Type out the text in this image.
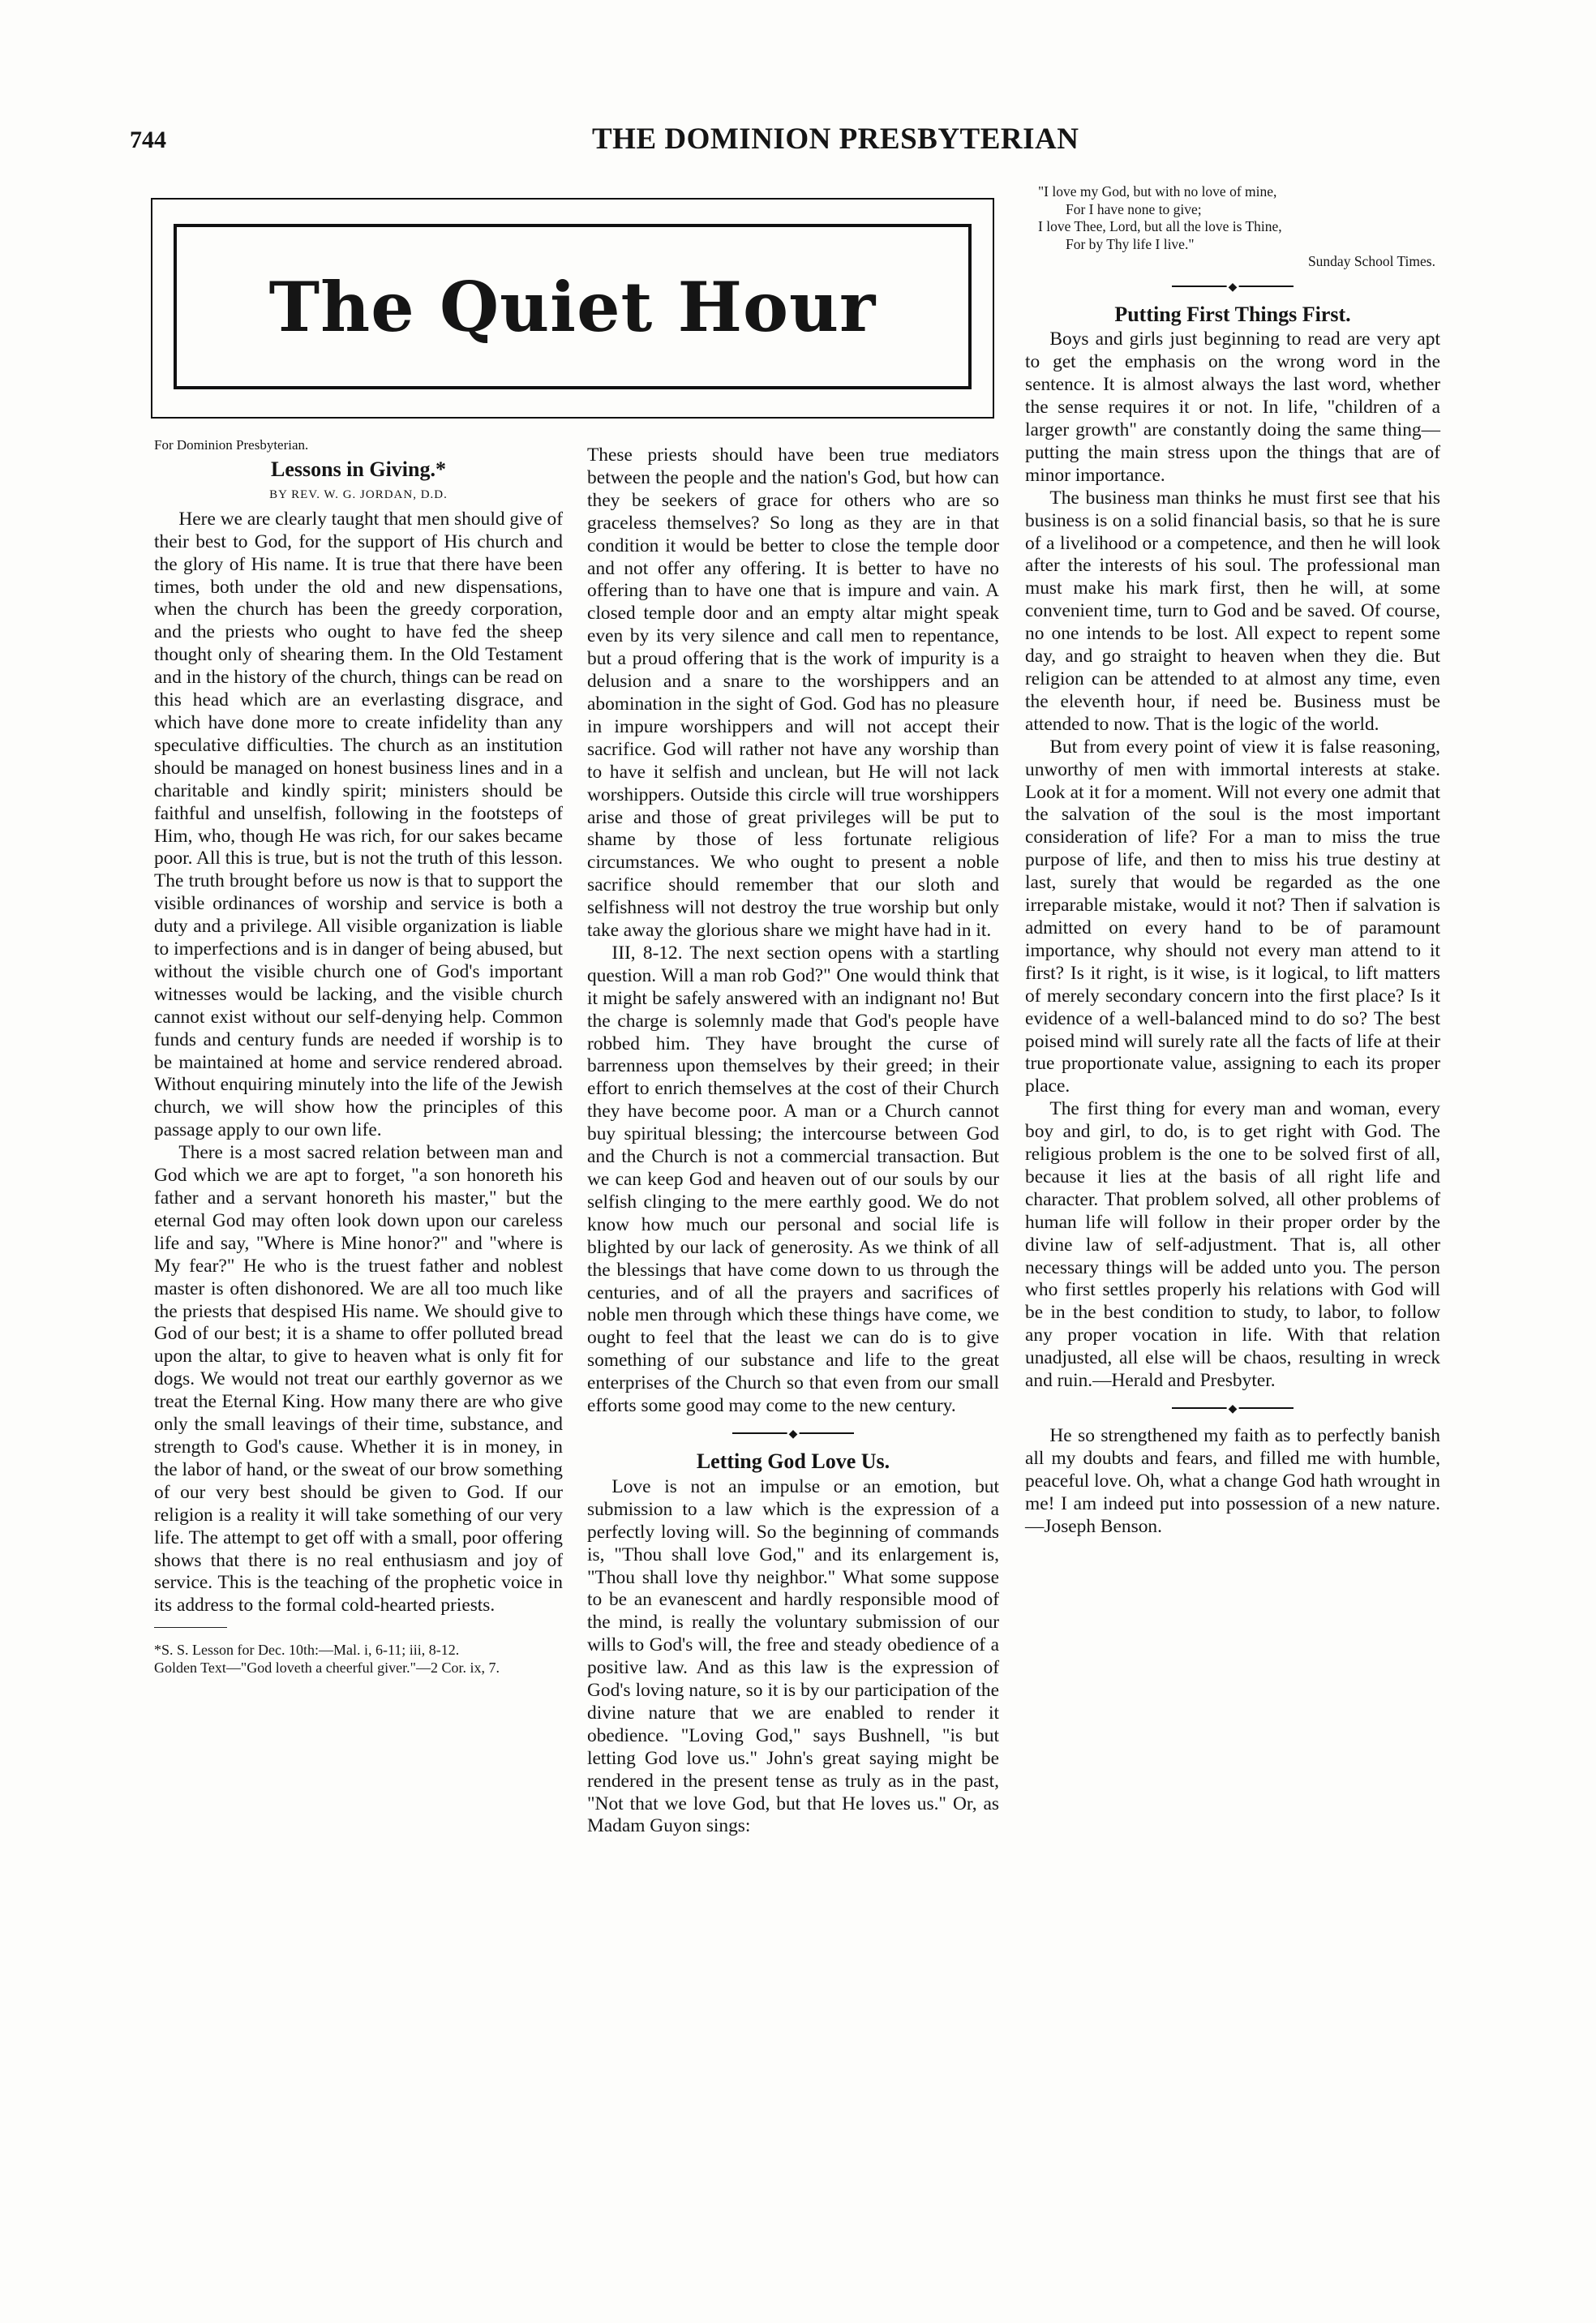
744	THE DOMINION PRESBYTERIAN
The Quiet Hour

For Dominion Presbyterian.

Lessons in Giving.*
BY REV. W. G. JORDAN, D.D.

Here we are clearly taught that men should give of their best to God, for the support of His church and the glory of His name. It is true that there have been times, both under the old and new dispensations, when the church has been the greedy corporation, and the priests who ought to have fed the sheep thought only of shearing them. In the Old Testament and in the history of the church, things can be read on this head which are an everlasting disgrace, and which have done more to create infidelity than any speculative difficulties. The church as an institution should be managed on honest business lines and in a charitable and kindly spirit; ministers should be faithful and unselfish, following in the footsteps of Him, who, though He was rich, for our sakes became poor. All this is true, but is not the truth of this lesson. The truth brought before us now is that to support the visible ordinances of worship and service is both a duty and a privilege. All visible organization is liable to imperfections and is in danger of being abused, but without the visible church one of God's important witnesses would be lacking, and the visible church cannot exist without our self-denying help. Common funds and century funds are needed if worship is to be maintained at home and service rendered abroad. Without enquiring minutely into the life of the Jewish church, we will show how the principles of this passage apply to our own life.

There is a most sacred relation between man and God which we are apt to forget, "a son honoreth his father and a servant honoreth his master," but the eternal God may often look down upon our careless life and say, "Where is Mine honor?" and "where is My fear?" He who is the truest father and noblest master is often dishonored. We are all too much like the priests that despised His name. We should give to God of our best; it is a shame to offer polluted bread upon the altar, to give to heaven what is only fit for dogs. We would not treat our earthly governor as we treat the Eternal King. How many there are who give only the small leavings of their time, substance, and strength to God's cause. Whether it is in money, in the labor of hand, or the sweat of our brow something of our very best should be given to God. If our religion is a reality it will take something of our very life. The attempt to get off with a small, poor offering shows that there is no real enthusiasm and joy of service. This is the teaching of the prophetic voice in its address to the formal cold-hearted priests.

*S. S. Lesson for Dec. 10th:—Mal. i, 6-11; iii, 8-12.
Golden Text—"God loveth a cheerful giver."—2 Cor. ix, 7.

These priests should have been true mediators between the people and the nation's God, but how can they be seekers of grace for others who are so graceless themselves? So long as they are in that condition it would be better to close the temple door and not offer any offering. It is better to have no offering than to have one that is impure and vain. A closed temple door and an empty altar might speak even by its very silence and call men to repentance, but a proud offering that is the work of impurity is a delusion and a snare to the worshippers and an abomination in the sight of God. God has no pleasure in impure worshippers and will not accept their sacrifice. God will rather not have any worship than to have it selfish and unclean, but He will not lack worshippers. Outside this circle will true worshippers arise and those of great privileges will be put to shame by those of less fortunate religious circumstances. We who ought to present a noble sacrifice should remember that our sloth and selfishness will not destroy the true worship but only take away the glorious share we might have had in it.

III, 8-12. The next section opens with a startling question. Will a man rob God?" One would think that it might be safely answered with an indignant no! But the charge is solemnly made that God's people have robbed him. They have brought the curse of barrenness upon themselves by their greed; in their effort to enrich themselves at the cost of their Church they have become poor. A man or a Church cannot buy spiritual blessing; the intercourse between God and the Church is not a commercial transaction. But we can keep God and heaven out of our souls by our selfish clinging to the mere earthly good. We do not know how much our personal and social life is blighted by our lack of generosity. As we think of all the blessings that have come down to us through the centuries, and of all the prayers and sacrifices of noble men through which these things have come, we ought to feel that the least we can do is to give something of our substance and life to the great enterprises of the Church so that even from our small efforts some good may come to the new century.

◆
Letting God Love Us.

Love is not an impulse or an emotion, but submission to a law which is the expression of a perfectly loving will. So the beginning of commands is, "Thou shall love God," and its enlargement is, "Thou shall love thy neighbor." What some suppose to be an evanescent and hardly responsible mood of the mind, is really the voluntary submission of our wills to God's will, the free and steady obedience of a positive law. And as this law is the expression of God's loving nature, so it is by our participation of the divine nature that we are enabled to render it obedience. "Loving God," says Bushnell, "is but letting God love us." John's great saying might be rendered in the present tense as truly as in the past, "Not that we love God, but that He loves us." Or, as Madam Guyon sings:

"I love my God, but with no love of mine,
For I have none to give;
I love Thee, Lord, but all the love is Thine,
For by Thy life I live."
Sunday School Times.
◆
Putting First Things First.

Boys and girls just beginning to read are very apt to get the emphasis on the wrong word in the sentence. It is almost always the last word, whether the sense requires it or not. In life, "children of a larger growth" are constantly doing the same thing—putting the main stress upon the things that are of minor importance.

The business man thinks he must first see that his business is on a solid financial basis, so that he is sure of a livelihood or a competence, and then he will look after the interests of his soul. The professional man must make his mark first, then he will, at some convenient time, turn to God and be saved. Of course, no one intends to be lost. All expect to repent some day, and go straight to heaven when they die. But religion can be attended to at almost any time, even the eleventh hour, if need be. Business must be attended to now. That is the logic of the world.

But from every point of view it is false reasoning, unworthy of men with immortal interests at stake. Look at it for a moment. Will not every one admit that the salvation of the soul is the most important consideration of life? For a man to miss the true purpose of life, and then to miss his true destiny at last, surely that would be regarded as the one irreparable mistake, would it not? Then if salvation is admitted on every hand to be of paramount importance, why should not every man attend to it first? Is it right, is it wise, is it logical, to lift matters of merely secondary concern into the first place? Is it evidence of a well-balanced mind to do so? The best poised mind will surely rate all the facts of life at their true proportionate value, assigning to each its proper place.

The first thing for every man and woman, every boy and girl, to do, is to get right with God. The religious problem is the one to be solved first of all, because it lies at the basis of all right life and character. That problem solved, all other problems of human life will follow in their proper order by the divine law of self-adjustment. That is, all other necessary things will be added unto you. The person who first settles properly his relations with God will be in the best condition to study, to labor, to follow any proper vocation in life. With that relation unadjusted, all else will be chaos, resulting in wreck and ruin.—Herald and Presbyter.

◆

He so strengthened my faith as to perfectly banish all my doubts and fears, and filled me with humble, peaceful love. Oh, what a change God hath wrought in me! I am indeed put into possession of a new nature.—Joseph Benson.
